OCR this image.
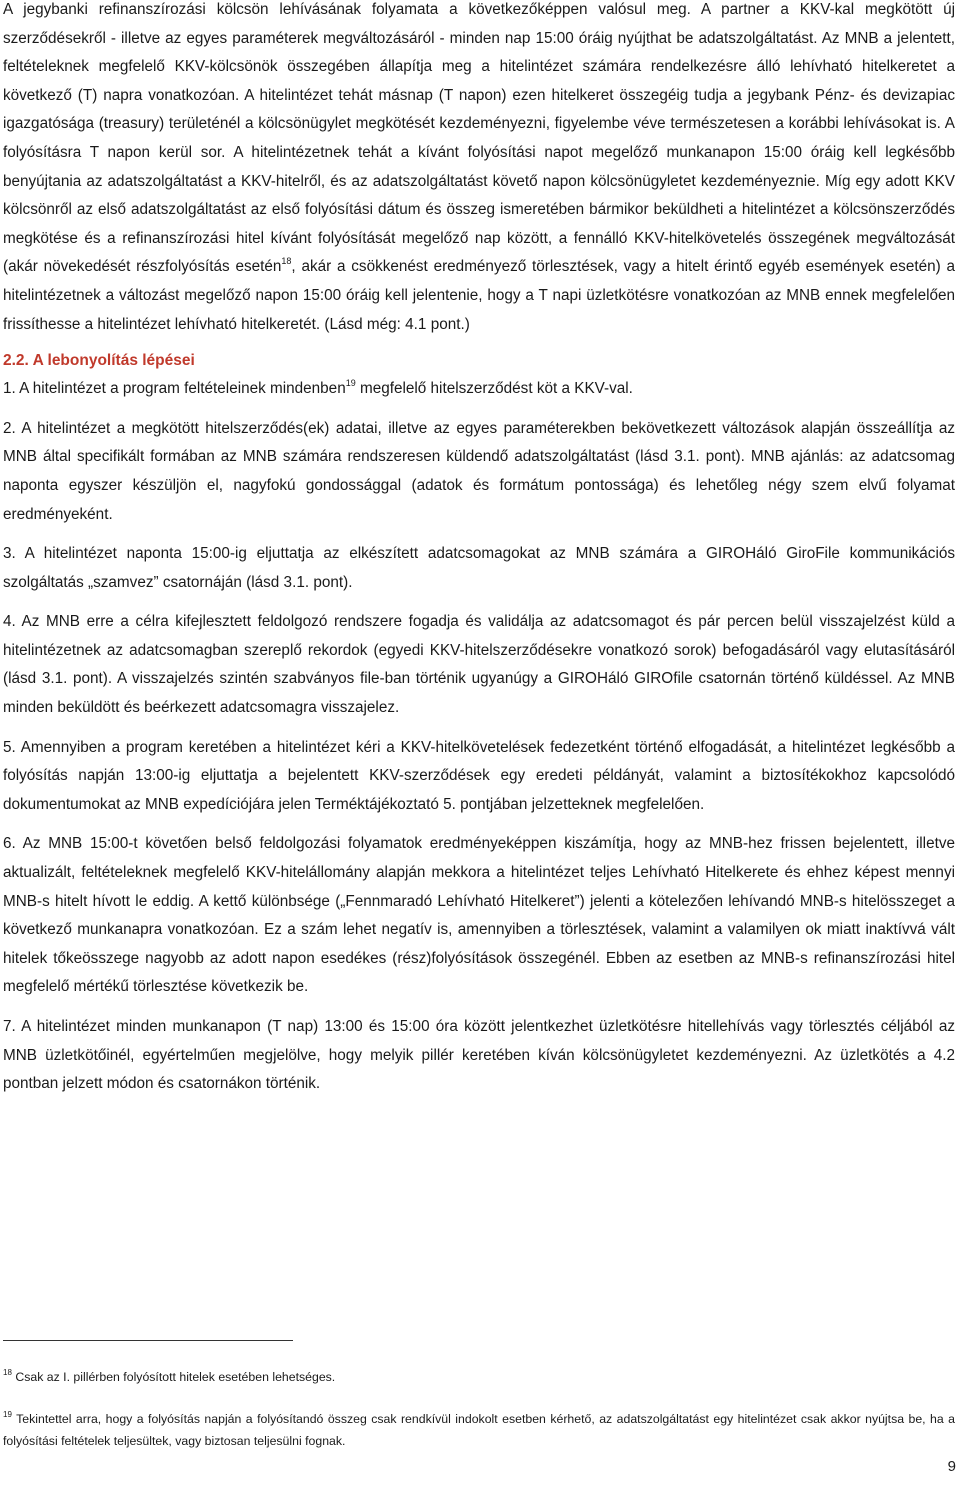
A jegybanki refinanszírozási kölcsön lehívásának folyamata a következőképpen valósul meg. A partner a KKV-kal megkötött új szerződésekről - illetve az egyes paraméterek megváltozásáról - minden nap 15:00 óráig nyújthat be adatszolgáltatást. Az MNB a jelentett, feltételeknek megfelelő KKV-kölcsönök összegében állapítja meg a hitelintézet számára rendelkezésre álló lehívható hitelkeretet a következő (T) napra vonatkozóan. A hitelintézet tehát másnap (T napon) ezen hitelkeret összegéig tudja a jegybank Pénz- és devizapiac igazgatósága (treasury) területénél a kölcsönügylet megkötését kezdeményezni, figyelembe véve természetesen a korábbi lehívásokat is. A folyósításra T napon kerül sor. A hitelintézetnek tehát a kívánt folyósítási napot megelőző munkanapon 15:00 óráig kell legkésőbb benyújtania az adatszolgáltatást a KKV-hitelről, és az adatszolgáltatást követő napon kölcsönügyletet kezdeményeznie. Míg egy adott KKV kölcsönről az első adatszolgáltatást az első folyósítási dátum és összeg ismeretében bármikor beküldheti a hitelintézet a kölcsönszerződés megkötése és a refinanszírozási hitel kívánt folyósítását megelőző nap között, a fennálló KKV-hitelkövetelés összegének megváltozását (akár növekedését részfolyósítás esetén$^{18}$, akár a csökkenést eredményező törlesztések, vagy a hitelt érintő egyéb események esetén) a hitelintézetnek a változást megelőző napon 15:00 óráig kell jelentenie, hogy a T napi üzletkötésre vonatkozóan az MNB ennek megfelelően frissíthesse a hitelintézet lehívható hitelkeretét. (Lásd még: 4.1 pont.)

2.2. A lebonyolítás lépései

1. A hitelintézet a program feltételeinek mindenben$^{19}$ megfelelő hitelszerződést köt a KKV-val.

2. A hitelintézet a megkötött hitelszerződés(ek) adatai, illetve az egyes paraméterekben bekövetkezett változások alapján összeállítja az MNB által specifikált formában az MNB számára rendszeresen küldendő adatszolgáltatást (lásd 3.1. pont). MNB ajánlás: az adatcsomag naponta egyszer készüljön el, nagyfokú gondossággal (adatok és formátum pontossága) és lehetőleg négy szem elvű folyamat eredményeként.

3. A hitelintézet naponta 15:00-ig eljuttatja az elkészített adatcsomagokat az MNB számára a GIROHáló GiroFile kommunikációs szolgáltatás „szamvez” csatornáján (lásd 3.1. pont).

4. Az MNB erre a célra kifejlesztett feldolgozó rendszere fogadja és validálja az adatcsomagot és pár percen belül visszajelzést küld a hitelintézetnek az adatcsomagban szereplő rekordok (egyedi KKV-hitelszerződésekre vonatkozó sorok) befogadásáról vagy elutasításáról (lásd 3.1. pont). A visszajelzés szintén szabványos file-ban történik ugyanúgy a GIROHáló GIROfile csatornán történő küldéssel. Az MNB minden beküldött és beérkezett adatcsomagra visszajelez.

5. Amennyiben a program keretében a hitelintézet kéri a KKV-hitelkövetelések fedezetként történő elfogadását, a hitelintézet legkésőbb a folyósítás napján 13:00-ig eljuttatja a bejelentett KKV-szerződések egy eredeti példányát, valamint a biztosítékokhoz kapcsolódó dokumentumokat az MNB expedíciójára jelen Terméktájékoztató 5. pontjában jelzetteknek megfelelően.

6. Az MNB 15:00-t követően belső feldolgozási folyamatok eredményeképpen kiszámítja, hogy az MNB-hez frissen bejelentett, illetve aktualizált, feltételeknek megfelelő KKV-hitelállomány alapján mekkora a hitelintézet teljes Lehívható Hitelkerete és ehhez képest mennyi MNB-s hitelt hívott le eddig. A kettő különbsége („Fennmaradó Lehívható Hitelkeret”) jelenti a kötelezően lehívandó MNB-s hitelösszeget a következő munkanapra vonatkozóan. Ez a szám lehet negatív is, amennyiben a törlesztések, valamint a valamilyen ok miatt inaktívvá vált hitelek tőkeösszege nagyobb az adott napon esedékes (rész)folyósítások összegénél. Ebben az esetben az MNB-s refinanszírozási hitel megfelelő mértékű törlesztése következik be.

7. A hitelintézet minden munkanapon (T nap) 13:00 és 15:00 óra között jelentkezhet üzletkötésre hitellehívás vagy törlesztés céljából az MNB üzletkötőinél, egyértelműen megjelölve, hogy melyik pillér keretében kíván kölcsönügyletet kezdeményezni. Az üzletkötés a 4.2 pontban jelzett módon és csatornákon történik.

$^{18}$ Csak az I. pillérben folyósított hitelek esetében lehetséges.
$^{19}$ Tekintettel arra, hogy a folyósítás napján a folyósítandó összeg csak rendkívül indokolt esetben kérhető, az adatszolgáltatást egy hitelintézet csak akkor nyújtsa be, ha a folyósítási feltételek teljesültek, vagy biztosan teljesülni fognak.
9
